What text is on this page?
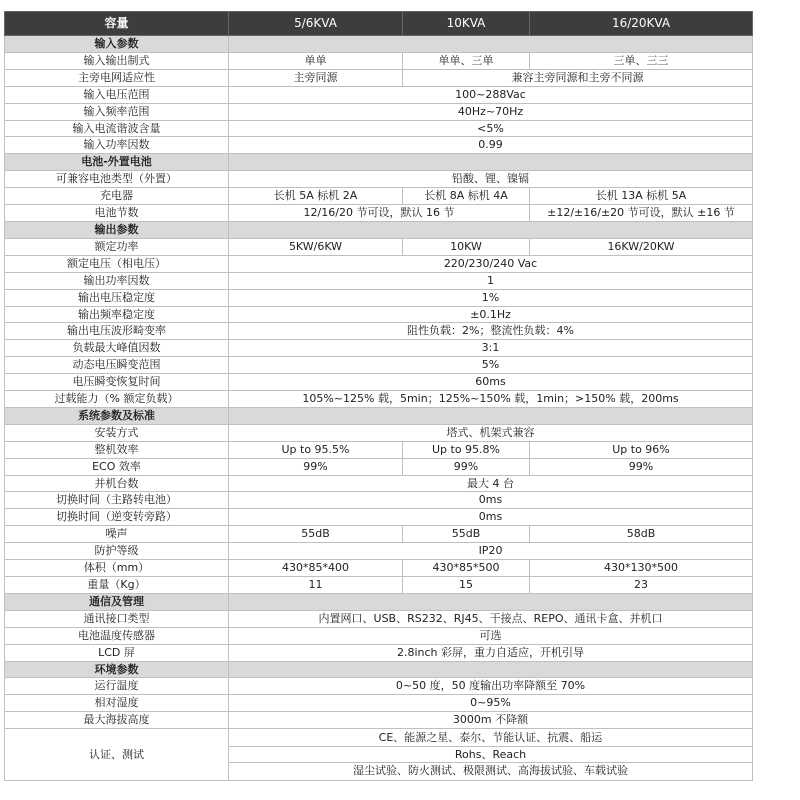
容量	5/6KVA	10KVA	16/20KVA
输入参数			
输入输出制式	单单	单单、三单	三单、三三
主旁电网适应性	主旁同源	兼容主旁同源和主旁不同源	
输入电压范围	100~288Vac		
输入频率范围	40Hz~70Hz		
输入电流谐波含量	<5%		
输入功率因数	0.99		
电池-外置电池			
可兼容电池类型（外置）	铅酸、锂、镍镉		
充电器	长机 5A 标机 2A	长机 8A 标机 4A	长机 13A 标机 5A
电池节数	12/16/20 节可设，默认 16 节		±12/±16/±20 节可设，默认 ±16 节
输出参数			
额定功率	5KW/6KW	10KW	16KW/20KW
额定电压（相电压）	220/230/240 Vac		
输出功率因数	1		
输出电压稳定度	1%		
输出频率稳定度	±0.1Hz		
输出电压波形畸变率	阻性负载：2%；整流性负载：4%		
负载最大峰值因数	3:1		
动态电压瞬变范围	5%		
电压瞬变恢复时间	60ms		
过载能力（% 额定负载）	105%~125% 载，5min；125%~150% 载，1min；>150% 载，200ms		
系统参数及标准			
安装方式	塔式、机架式兼容		
整机效率	Up to 95.5%	Up to 95.8%	Up to 96%
ECO 效率	99%	99%	99%
并机台数	最大 4 台		
切换时间（主路转电池）	0ms		
切换时间（逆变转旁路）	0ms		
噪声	55dB	55dB	58dB
防护等级	IP20		
体积（mm）	430*85*400	430*85*500	430*130*500
重量（Kg）	11	15	23
通信及管理			
通讯接口类型	内置网口、USB、RS232、RJ45、干接点、REPO、通讯卡盒、并机口		
电池温度传感器	可选		
LCD 屏	2.8inch 彩屏，重力自适应，开机引导		
环境参数			
运行温度	0~50 度，50 度输出功率降额至 70%		
相对湿度	0~95%		
最大海拔高度	3000m 不降额		
认证、测试	CE、能源之星、泰尔、节能认证、抗震、船运
Rohs、Reach
湿尘试验、防火测试、极限测试、高海拔试验、车载试验		
